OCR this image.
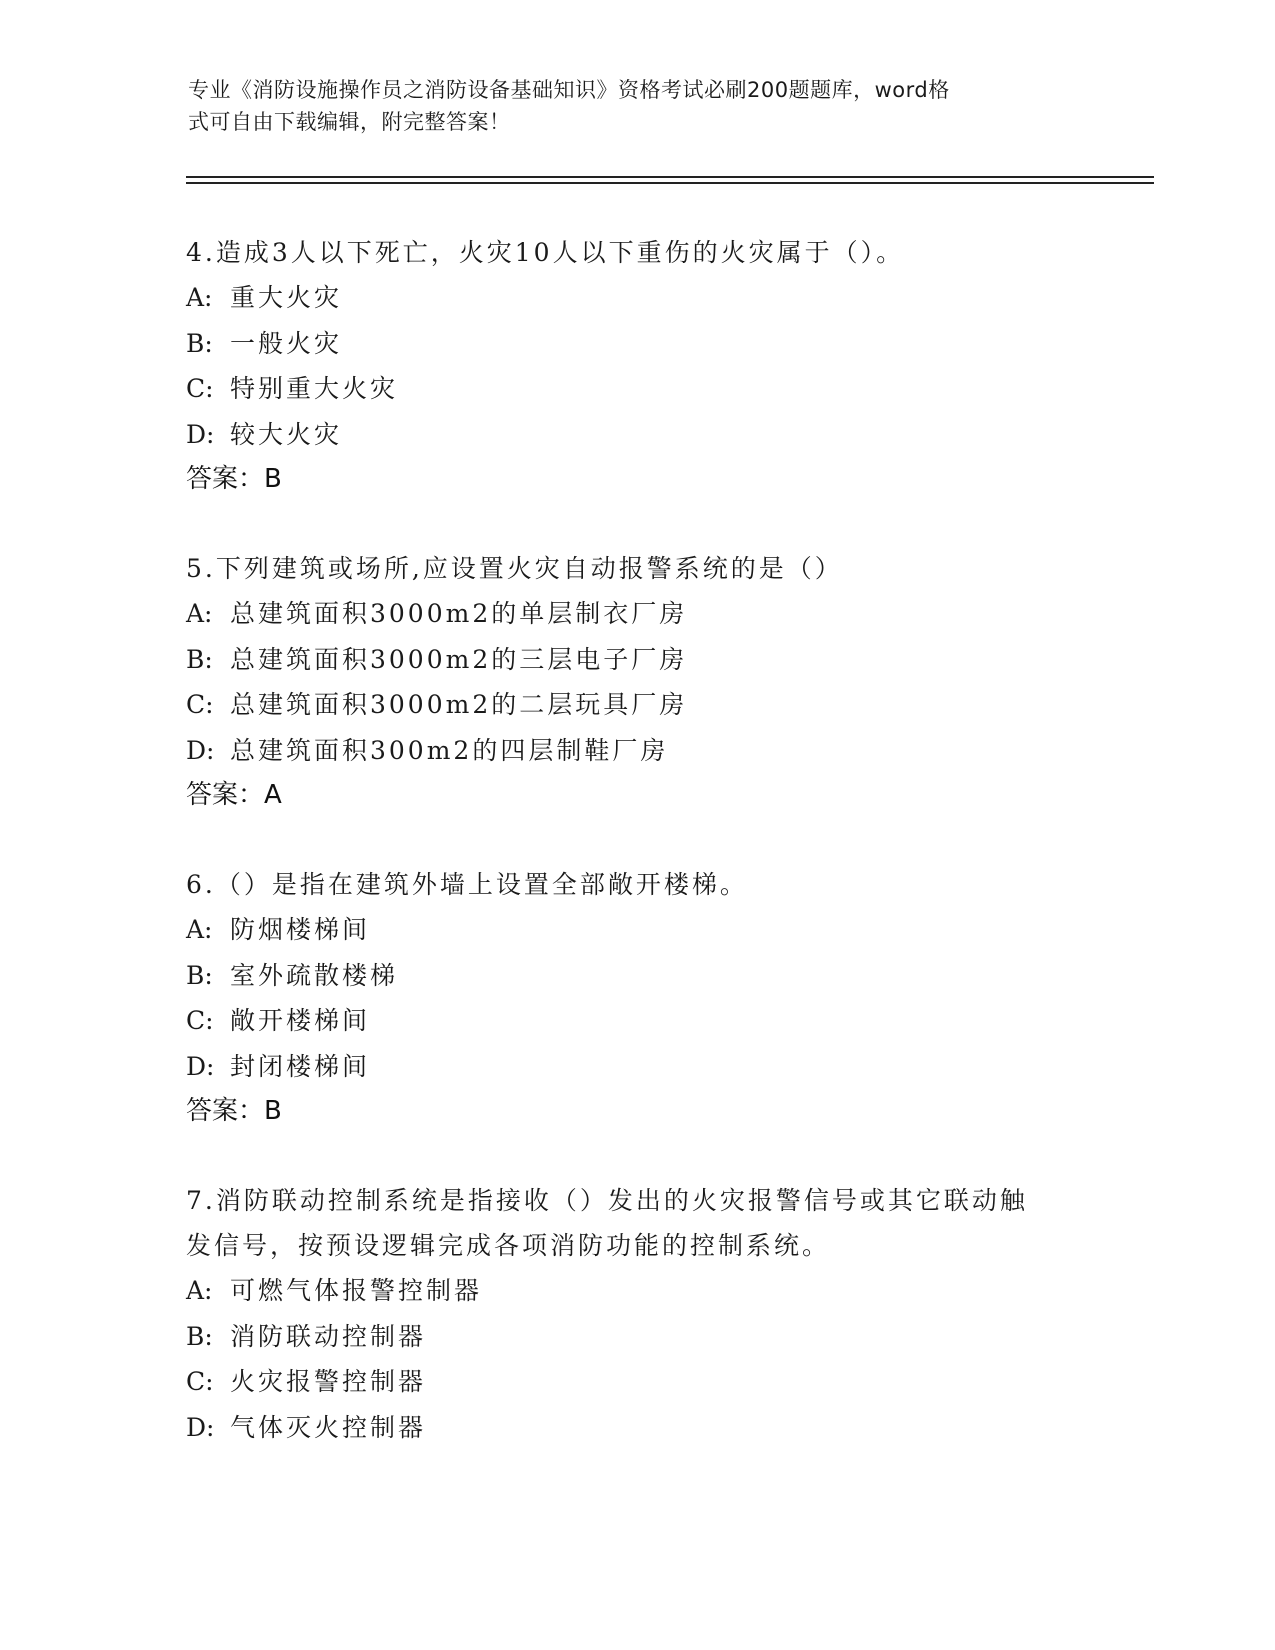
专业《消防设施操作员之消防设备基础知识》资格考试必刷200题题库，word格
式可自由下载编辑，附完整答案！
4.造成3人以下死亡，火灾10人以下重伤的火灾属于（）。
A: 重大火灾
B: 一般火灾
C: 特别重大火灾
D: 较大火灾
答案：B
5.下列建筑或场所,应设置火灾自动报警系统的是（）
A: 总建筑面积3000m2的单层制衣厂房
B: 总建筑面积3000m2的三层电子厂房
C: 总建筑面积3000m2的二层玩具厂房
D: 总建筑面积300m2的四层制鞋厂房
答案：A
6.（）是指在建筑外墙上设置全部敞开楼梯。
A: 防烟楼梯间
B: 室外疏散楼梯
C: 敞开楼梯间
D: 封闭楼梯间
答案：B
7.消防联动控制系统是指接收（）发出的火灾报警信号或其它联动触
发信号，按预设逻辑完成各项消防功能的控制系统。
A: 可燃气体报警控制器
B: 消防联动控制器
C: 火灾报警控制器
D: 气体灭火控制器
